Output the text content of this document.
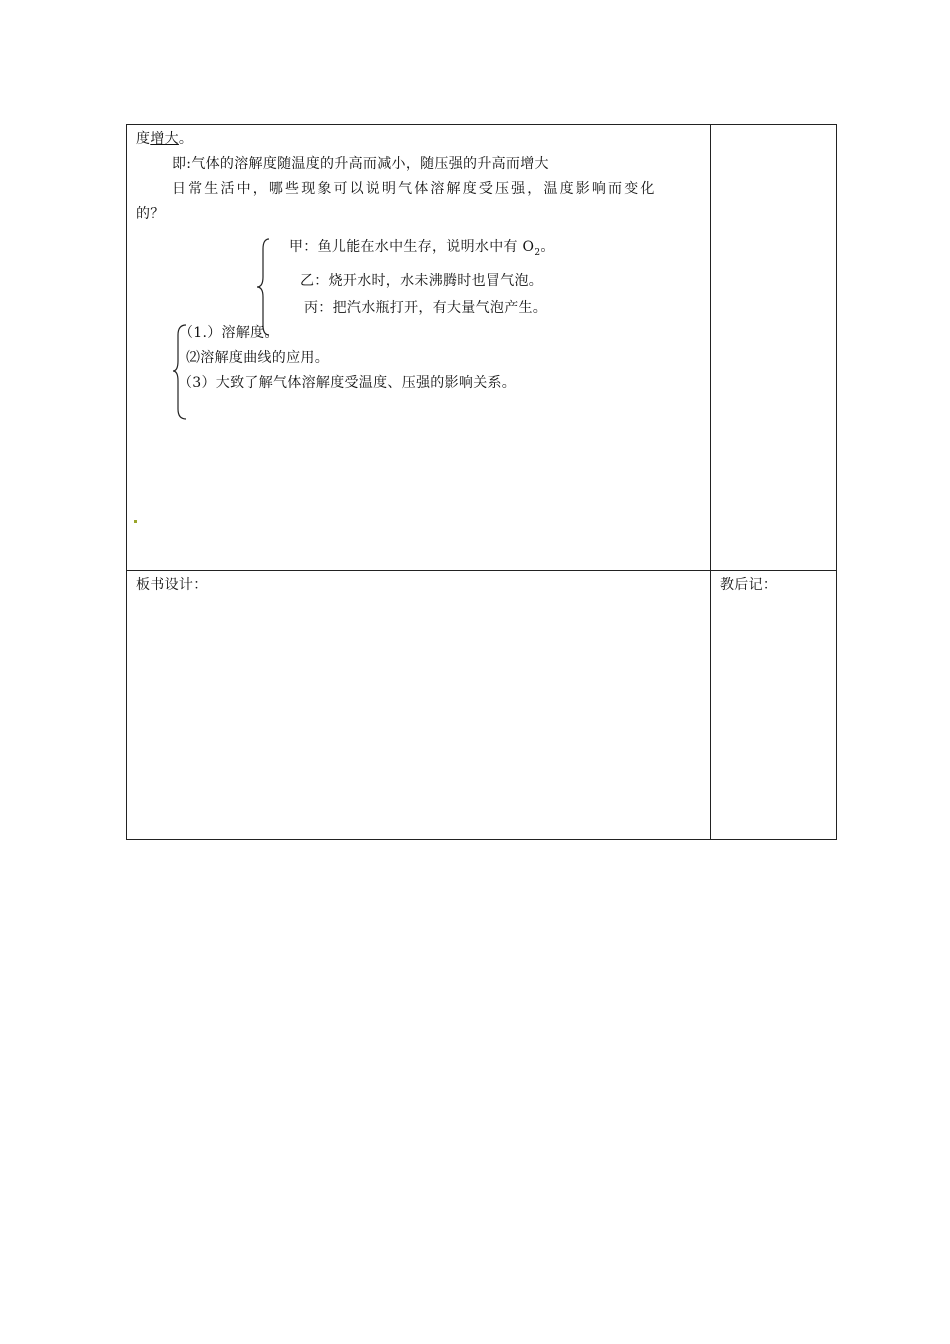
度增大。
即:气体的溶解度随温度的升高而减小，随压强的升高而增大
日常生活中，哪些现象可以说明气体溶解度受压强，温度影响而变化
的？
甲：鱼儿能在水中生存，说明水中有 $O_2$。
乙：烧开水时，水未沸腾时也冒气泡。
丙：把汽水瓶打开，有大量气泡产生。
（1.）溶解度。
⑵溶解度曲线的应用。
（3）大致了解气体溶解度受温度、压强的影响关系。
板书设计：	教后记：
